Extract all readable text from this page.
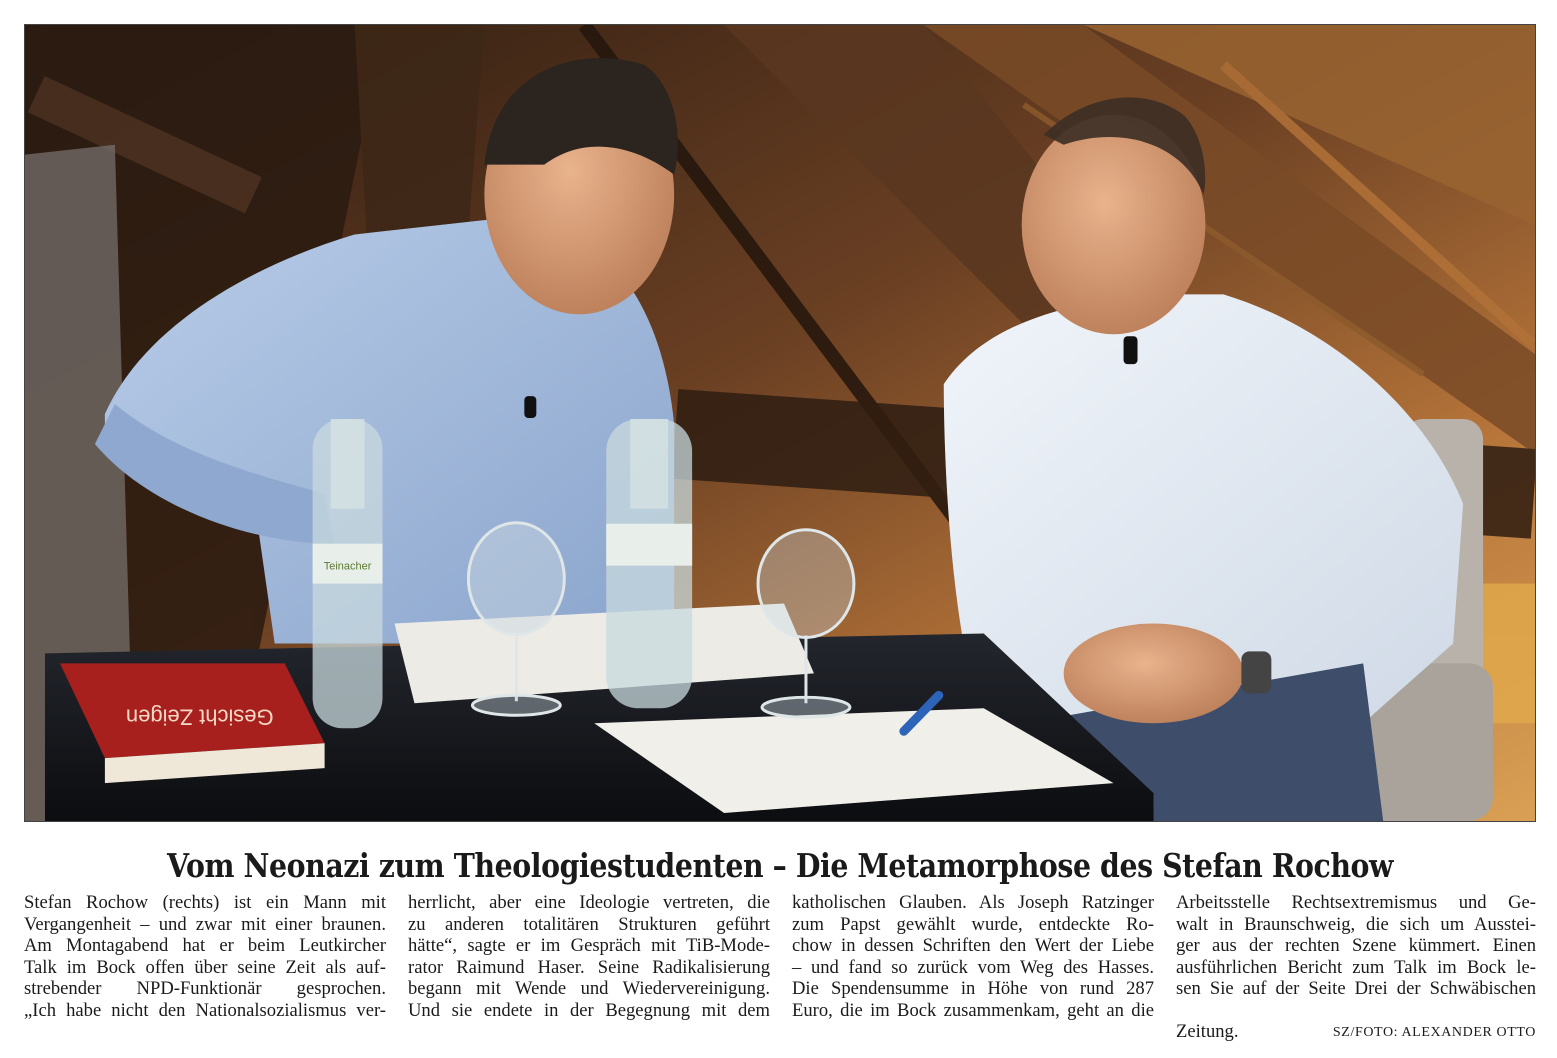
Gesicht Zeigen
Teinacher
Vom Neonazi zum Theologiestudenten – Die Metamorphose des Stefan Rochow
Stefan Rochow (rechts) ist ein Mann mit
Vergangenheit – und zwar mit einer braunen.
Am Montagabend hat er beim Leutkircher
Talk im Bock offen über seine Zeit als auf-
strebender NPD-Funktionär gesprochen.
„Ich habe nicht den Nationalsozialismus ver-
herrlicht, aber eine Ideologie vertreten, die
zu anderen totalitären Strukturen geführt
hätte“, sagte er im Gespräch mit TiB-Mode-
rator Raimund Haser. Seine Radikalisierung
begann mit Wende und Wiedervereinigung.
Und sie endete in der Begegnung mit dem
katholischen Glauben. Als Joseph Ratzinger
zum Papst gewählt wurde, entdeckte Ro-
chow in dessen Schriften den Wert der Liebe
– und fand so zurück vom Weg des Hasses.
Die Spendensumme in Höhe von rund 287
Euro, die im Bock zusammenkam, geht an die
Arbeitsstelle Rechtsextremismus und Ge-
walt in Braunschweig, die sich um Ausstei-
ger aus der rechten Szene kümmert. Einen
ausführlichen Bericht zum Talk im Bock le-
sen Sie auf der Seite Drei der Schwäbischen
Zeitung.	SZ/FOTO: ALEXANDER OTTO
